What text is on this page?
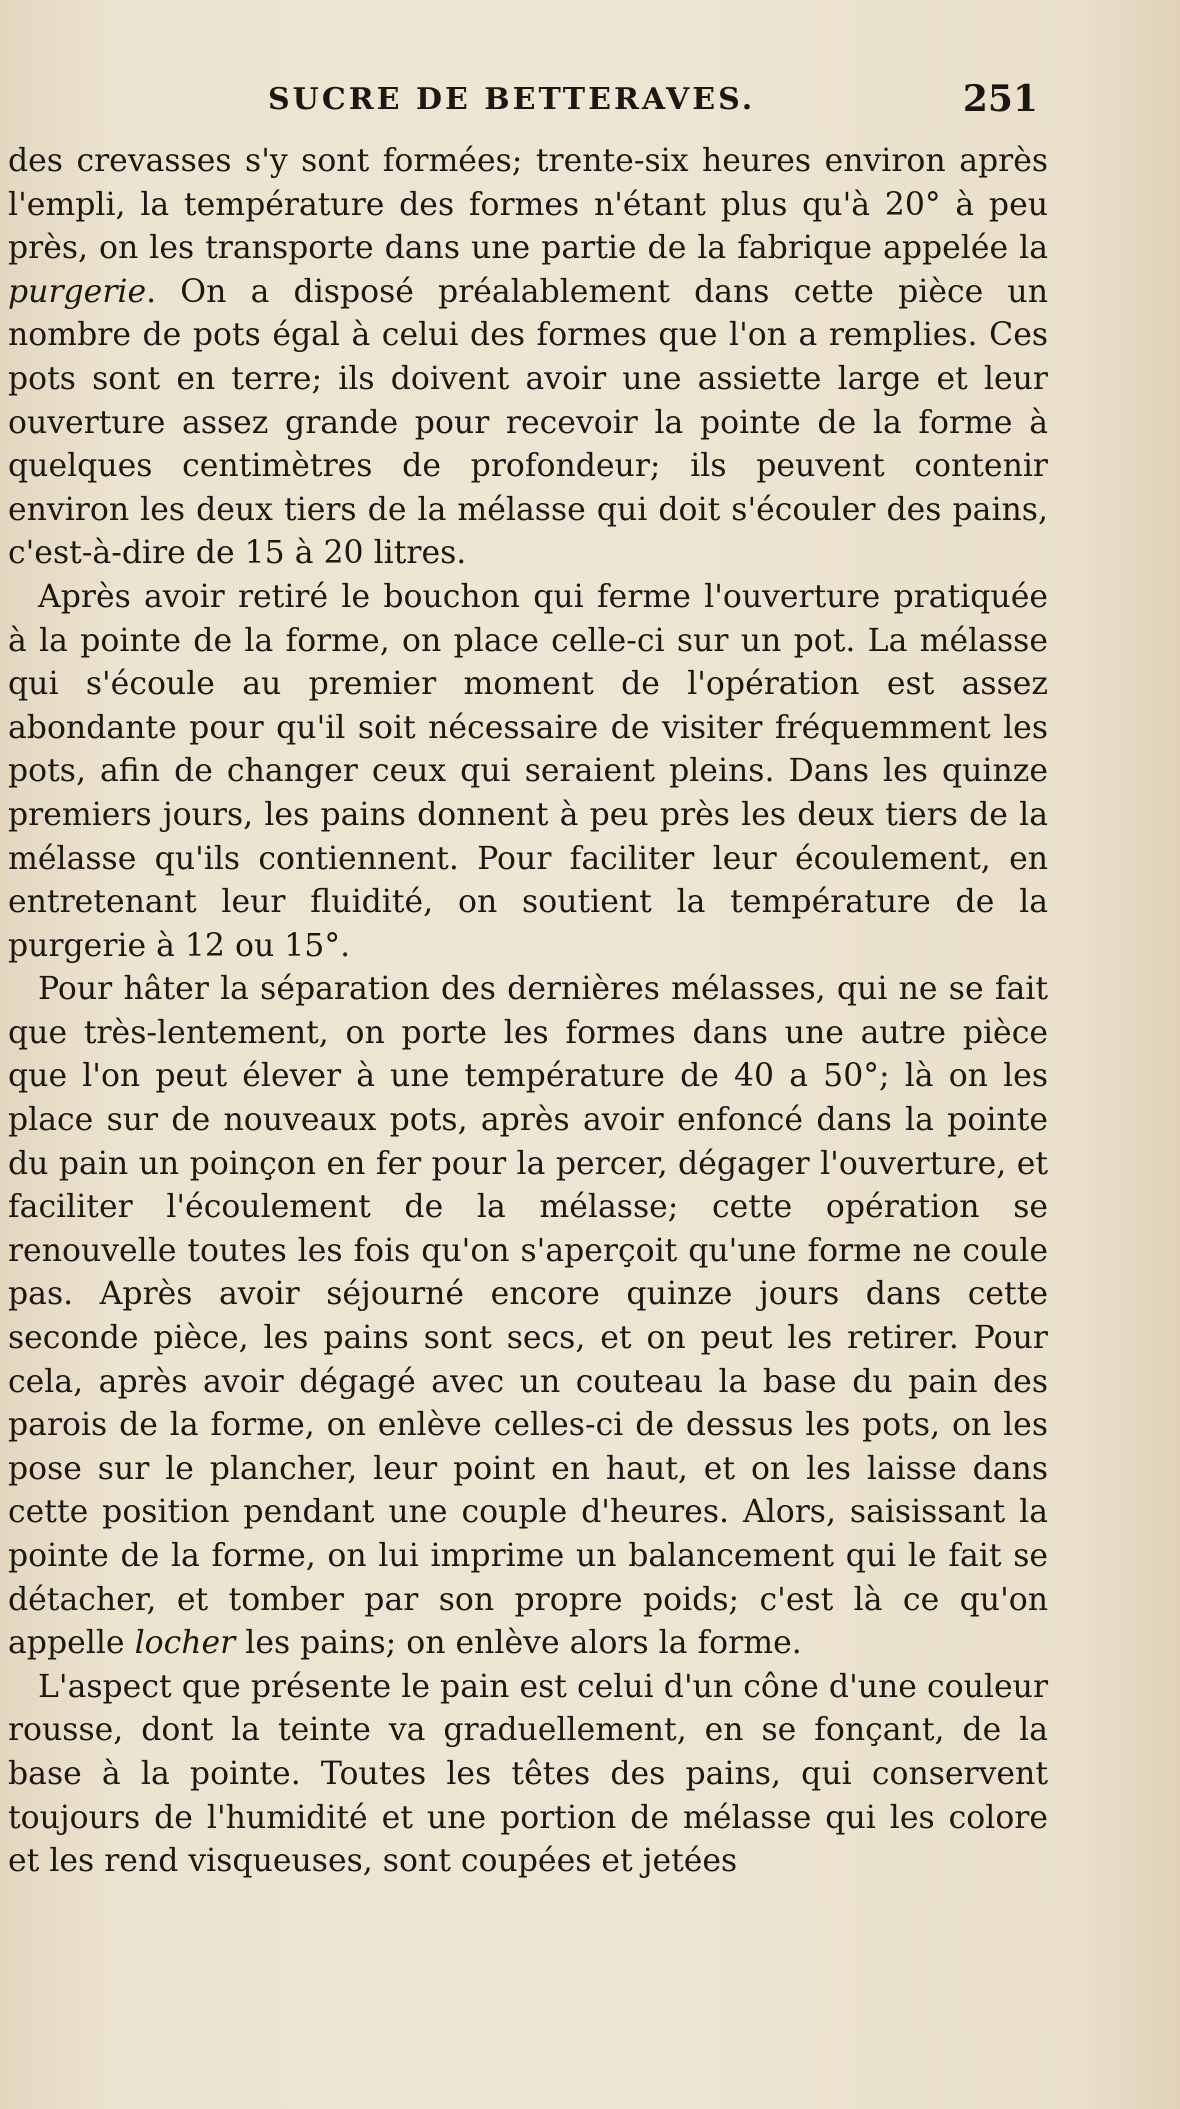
SUCRE DE BETTERAVES.	251

des crevasses s'y sont formées; trente-six heures environ après l'empli, la température des formes n'étant plus qu'à 20° à peu près, on les transporte dans une partie de la fabrique appelée la purgerie. On a disposé préalablement dans cette pièce un nombre de pots égal à celui des formes que l'on a remplies. Ces pots sont en terre; ils doivent avoir une assiette large et leur ouverture assez grande pour recevoir la pointe de la forme à quelques centimètres de profondeur; ils peuvent contenir environ les deux tiers de la mélasse qui doit s'écouler des pains, c'est-à-dire de 15 à 20 litres.

Après avoir retiré le bouchon qui ferme l'ouverture pratiquée à la pointe de la forme, on place celle-ci sur un pot. La mélasse qui s'écoule au premier moment de l'opération est assez abondante pour qu'il soit nécessaire de visiter fréquemment les pots, afin de changer ceux qui seraient pleins. Dans les quinze premiers jours, les pains donnent à peu près les deux tiers de la mélasse qu'ils contiennent. Pour faciliter leur écoulement, en entretenant leur fluidité, on soutient la température de la purgerie à 12 ou 15°.

Pour hâter la séparation des dernières mélasses, qui ne se fait que très-lentement, on porte les formes dans une autre pièce que l'on peut élever à une température de 40 a 50°; là on les place sur de nouveaux pots, après avoir enfoncé dans la pointe du pain un poinçon en fer pour la percer, dégager l'ouverture, et faciliter l'écoulement de la mélasse; cette opération se renouvelle toutes les fois qu'on s'aperçoit qu'une forme ne coule pas. Après avoir séjourné encore quinze jours dans cette seconde pièce, les pains sont secs, et on peut les retirer. Pour cela, après avoir dégagé avec un couteau la base du pain des parois de la forme, on enlève celles-ci de dessus les pots, on les pose sur le plancher, leur point en haut, et on les laisse dans cette position pendant une couple d'heures. Alors, saisissant la pointe de la forme, on lui imprime un balancement qui le fait se détacher, et tomber par son propre poids; c'est là ce qu'on appelle locher les pains; on enlève alors la forme.

L'aspect que présente le pain est celui d'un cône d'une couleur rousse, dont la teinte va graduellement, en se fonçant, de la base à la pointe. Toutes les têtes des pains, qui conservent toujours de l'humidité et une portion de mélasse qui les colore et les rend visqueuses, sont coupées et jetées
